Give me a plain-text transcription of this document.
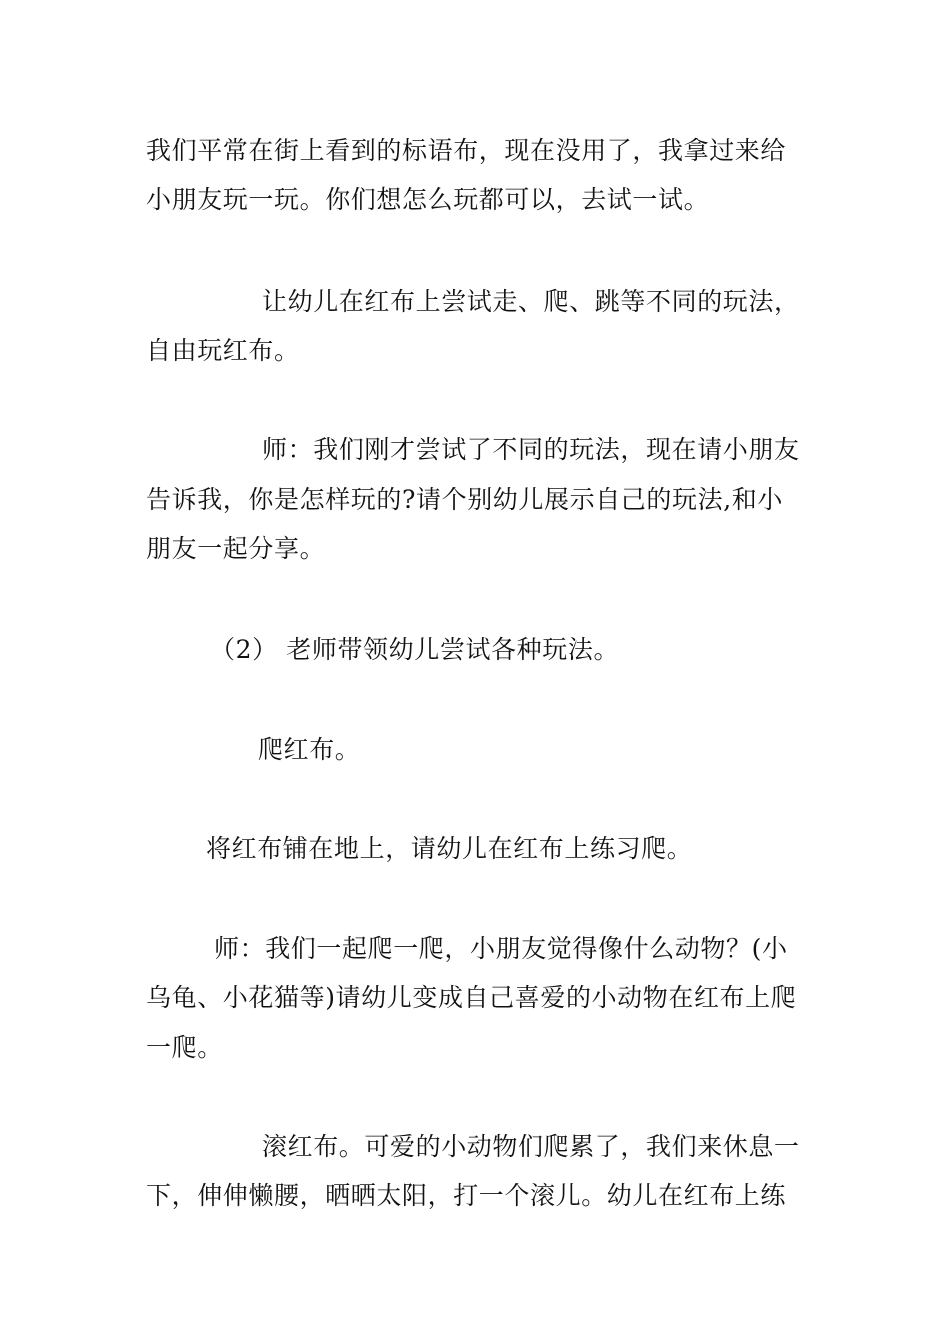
我们平常在街上看到的标语布，现在没用了，我拿过来给
小朋友玩一玩。你们想怎么玩都可以，去试一试。
让幼儿在红布上尝试走、爬、跳等不同的玩法，
自由玩红布。
师：我们刚才尝试了不同的玩法，现在请小朋友
告诉我，你是怎样玩的?请个别幼儿展示自己的玩法,和小
朋友一起分享。
（2） 老师带领幼儿尝试各种玩法。
爬红布。
将红布铺在地上，请幼儿在红布上练习爬。
师：我们一起爬一爬，小朋友觉得像什么动物？(小
乌龟、小花猫等)请幼儿变成自己喜爱的小动物在红布上爬
一爬。
滚红布。可爱的小动物们爬累了，我们来休息一
下，伸伸懒腰，晒晒太阳，打一个滚儿。幼儿在红布上练
